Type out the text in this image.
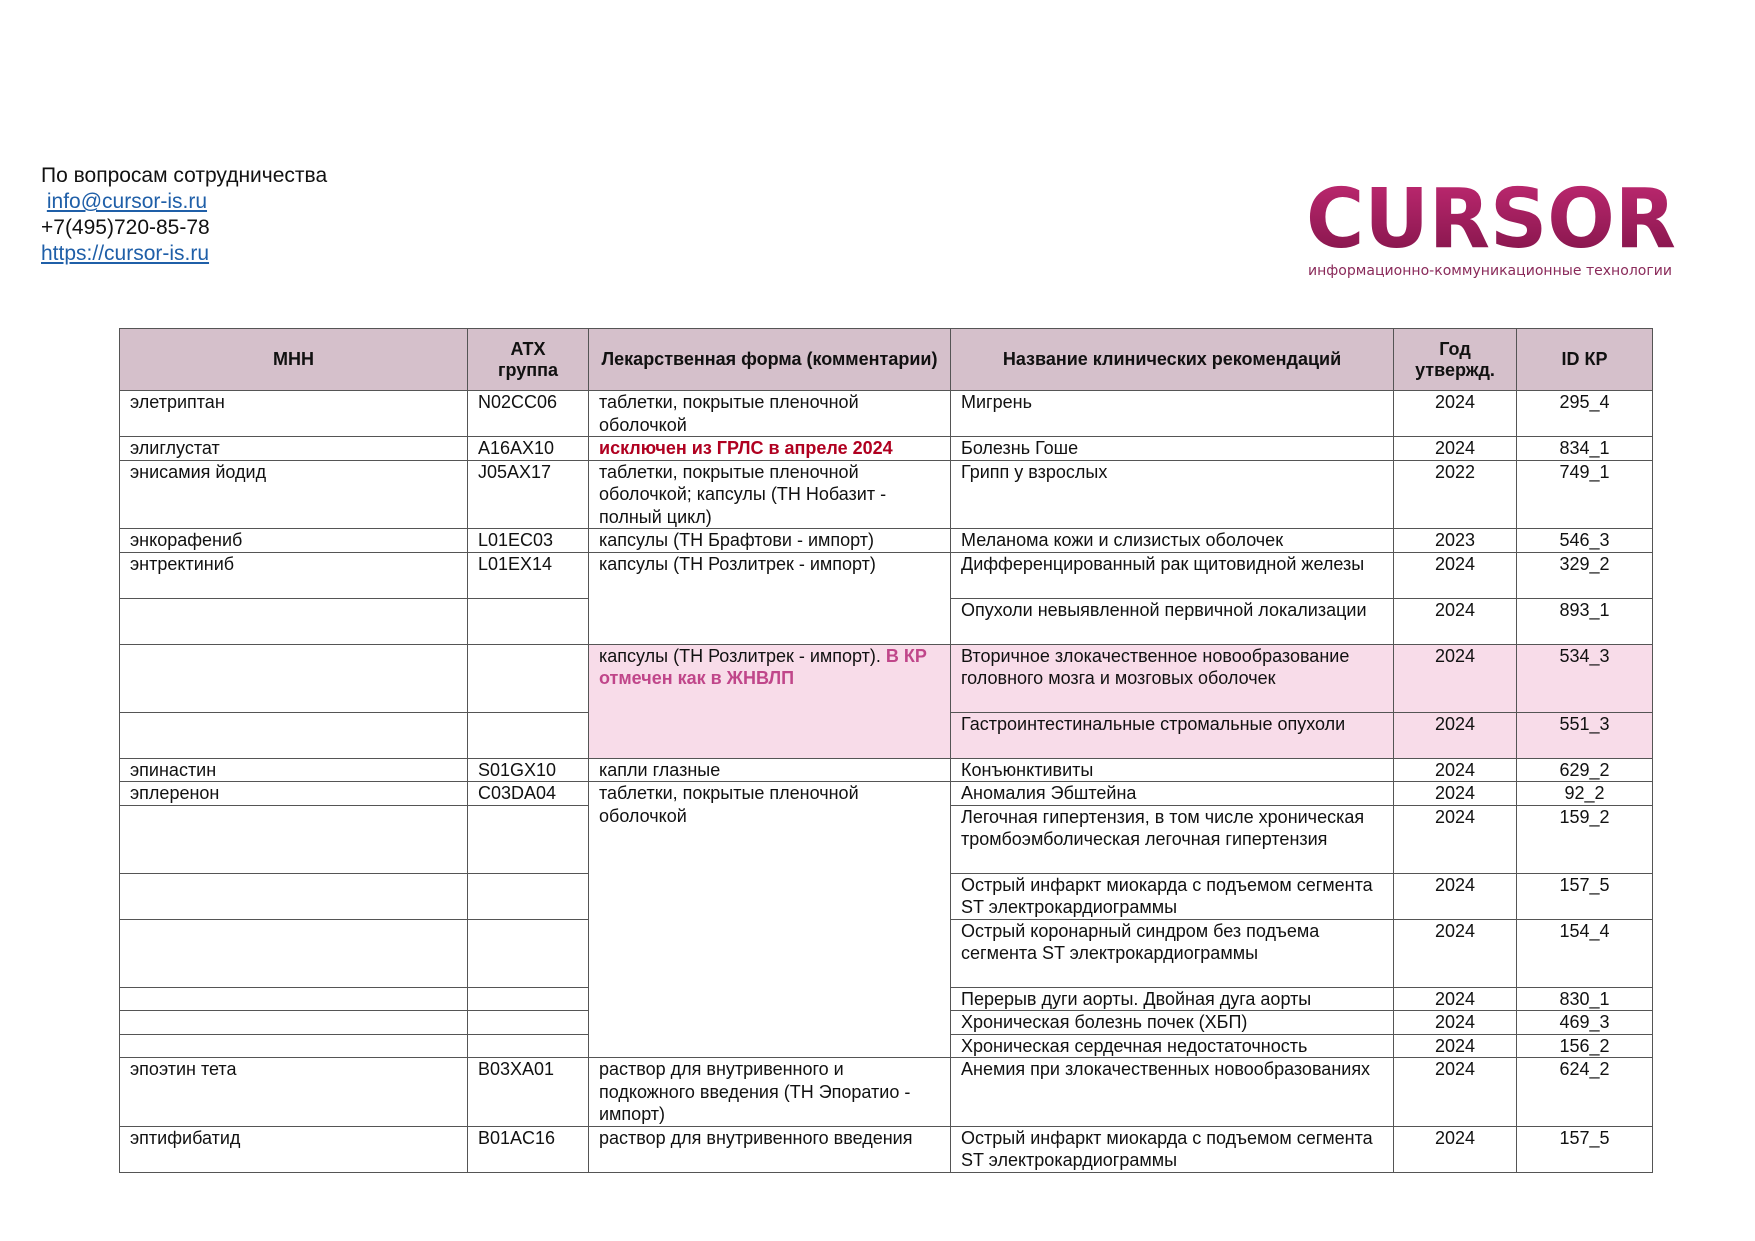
По вопросам сотрудничества
info@cursor-is.ru
+7(495)720-85-78
https://cursor-is.ru	CURSOR
информационно-коммуникационные технологии
МНН	АТХ группа	Лекарственная форма (комментарии)	Название клинических рекомендаций	Год утвержд.	ID КР
элетриптан	N02CC06	таблетки, покрытые пленочной оболочкой	Мигрень	2024	295_4
элиглустат	A16AX10	исключен из ГРЛС в апреле 2024	Болезнь Гоше	2024	834_1
энисамия йодид	J05AX17	таблетки, покрытые пленочной оболочкой; капсулы (ТН Нобазит - полный цикл)	Грипп у взрослых	2022	749_1
энкорафениб	L01EC03	капсулы (ТН Брафтови - импорт)	Меланома кожи и слизистых оболочек	2023	546_3
энтректиниб	L01EX14	капсулы (ТН Розлитрек - импорт)	Дифференцированный рак щитовидной железы	2024	329_2
			Опухоли невыявленной первичной локализации	2024	893_1
		капсулы (ТН Розлитрек - импорт). В КР отмечен как в ЖНВЛП	Вторичное злокачественное новообразование головного мозга и мозговых оболочек	2024	534_3
			Гастроинтестинальные стромальные опухоли	2024	551_3
эпинастин	S01GX10	капли глазные	Конъюнктивиты	2024	629_2
эплеренон	C03DA04	таблетки, покрытые пленочной оболочкой	Аномалия Эбштейна	2024	92_2
			Легочная гипертензия, в том числе хроническая тромбоэмболическая легочная гипертензия	2024	159_2
			Острый инфаркт миокарда с подъемом сегмента ST электрокардиограммы	2024	157_5
			Острый коронарный синдром без подъема сегмента ST электрокардиограммы	2024	154_4
			Перерыв дуги аорты. Двойная дуга аорты	2024	830_1
			Хроническая болезнь почек (ХБП)	2024	469_3
			Хроническая сердечная недостаточность	2024	156_2
эпоэтин тета	B03XA01	раствор для внутривенного и подкожного введения (ТН Эпоратио - импорт)	Анемия при злокачественных новообразованиях	2024	624_2
эптифибатид	B01AC16	раствор для внутривенного введения	Острый инфаркт миокарда с подъемом сегмента ST электрокардиограммы	2024	157_5
